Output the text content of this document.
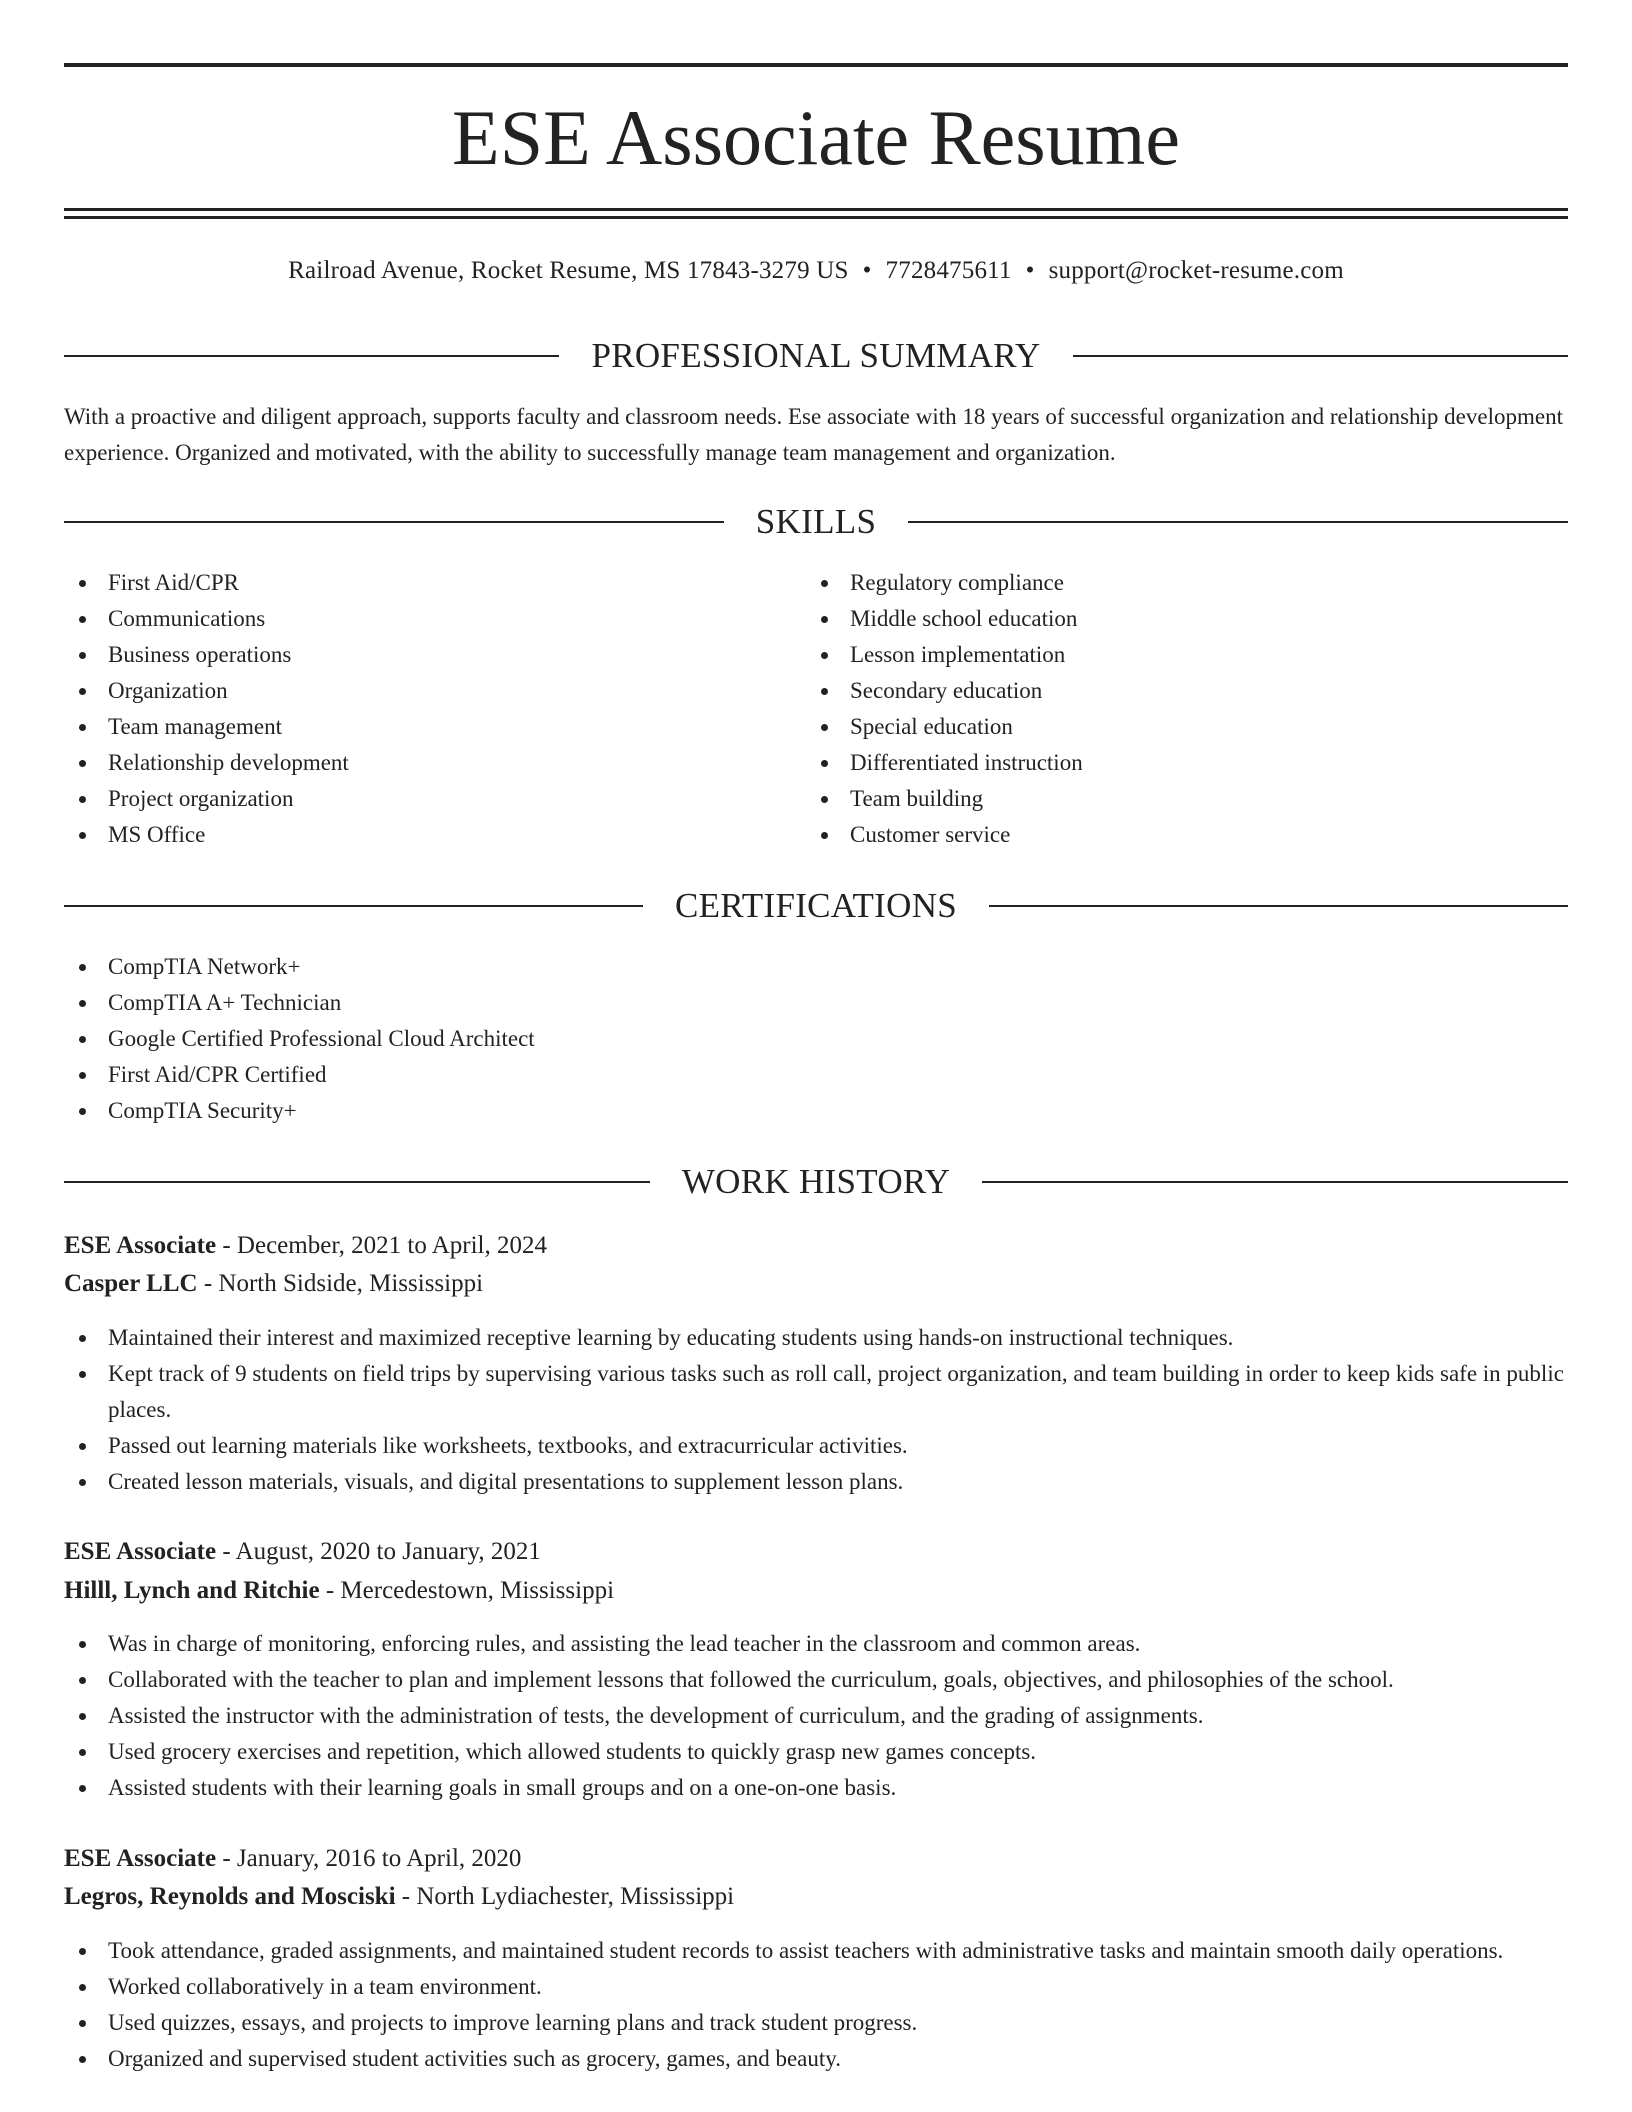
ESE Associate Resume
Railroad Avenue, Rocket Resume, MS 17843-3279 US • 7728475611 • support@rocket-resume.com
PROFESSIONAL SUMMARY

With a proactive and diligent approach, supports faculty and classroom needs. Ese associate with 18 years of successful organization and relationship development experience. Organized and motivated, with the ability to successfully manage team management and organization.

SKILLS
First Aid/CPR
Communications
Business operations
Organization
Team management
Relationship development
Project organization
MS Office
Regulatory compliance
Middle school education
Lesson implementation
Secondary education
Special education
Differentiated instruction
Team building
Customer service
CERTIFICATIONS
CompTIA Network+
CompTIA A+ Technician
Google Certified Professional Cloud Architect
First Aid/CPR Certified
CompTIA Security+
WORK HISTORY
ESE Associate - December, 2021 to April, 2024
Casper LLC - North Sidside, Mississippi
Maintained their interest and maximized receptive learning by educating students using hands-on instructional techniques.
Kept track of 9 students on field trips by supervising various tasks such as roll call, project organization, and team building in order to keep kids safe in public places.
Passed out learning materials like worksheets, textbooks, and extracurricular activities.
Created lesson materials, visuals, and digital presentations to supplement lesson plans.
ESE Associate - August, 2020 to January, 2021
Hilll, Lynch and Ritchie - Mercedestown, Mississippi
Was in charge of monitoring, enforcing rules, and assisting the lead teacher in the classroom and common areas.
Collaborated with the teacher to plan and implement lessons that followed the curriculum, goals, objectives, and philosophies of the school.
Assisted the instructor with the administration of tests, the development of curriculum, and the grading of assignments.
Used grocery exercises and repetition, which allowed students to quickly grasp new games concepts.
Assisted students with their learning goals in small groups and on a one-on-one basis.
ESE Associate - January, 2016 to April, 2020
Legros, Reynolds and Mosciski - North Lydiachester, Mississippi
Took attendance, graded assignments, and maintained student records to assist teachers with administrative tasks and maintain smooth daily operations.
Worked collaboratively in a team environment.
Used quizzes, essays, and projects to improve learning plans and track student progress.
Organized and supervised student activities such as grocery, games, and beauty.
